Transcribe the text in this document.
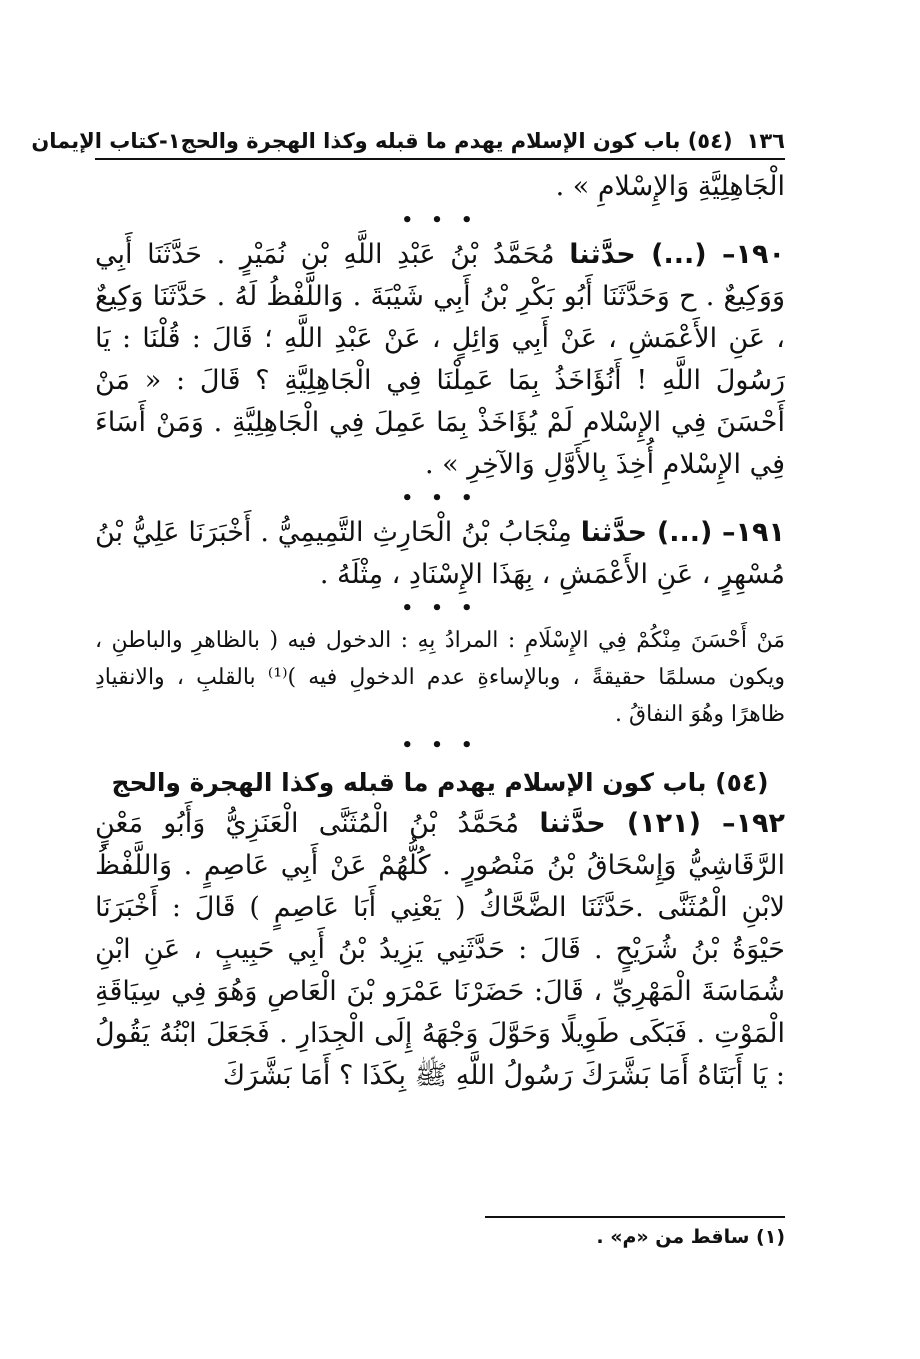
١٣٦
(٥٤) باب كون الإسلام يهدم ما قبله وكذا الهجرة والحج
١-كتاب الإيمان

الْجَاهِلِيَّةِ وَالإِسْلامِ » .

• • •

١٩٠– (...) حدَّثنا مُحَمَّدُ بْنُ عَبْدِ اللَّهِ بْنِ نُمَيْرٍ . حَدَّثَنَا أَبِي وَوَكِيعٌ . ح وَحَدَّثَنَا أَبُو بَكْرِ بْنُ أَبِي شَيْبَةَ . وَاللَّفْظُ لَهُ . حَدَّثَنَا وَكِيعٌ ، عَنِ الأَعْمَشِ ، عَنْ أَبِي وَائِلٍ ، عَنْ عَبْدِ اللَّهِ ؛ قَالَ : قُلْنَا : يَا رَسُولَ اللَّهِ ! أَنُؤَاخَذُ بِمَا عَمِلْنَا فِي الْجَاهِلِيَّةِ ؟ قَالَ : « مَنْ أَحْسَنَ فِي الإِسْلامِ لَمْ يُؤَاخَذْ بِمَا عَمِلَ فِي الْجَاهِلِيَّةِ . وَمَنْ أَسَاءَ فِي الإِسْلامِ أُخِذَ بِالأَوَّلِ وَالآخِرِ » .

• • •

١٩١– (...) حدَّثنا مِنْجَابُ بْنُ الْحَارِثِ التَّمِيمِيُّ . أَخْبَرَنَا عَلِيُّ بْنُ مُسْهِرٍ ، عَنِ الأَعْمَشِ ، بِهَذَا الإِسْنَادِ ، مِثْلَهُ .

• • •

مَنْ أَحْسَنَ مِنْكُمْ فِي الإِسْلَامِ : المرادُ بِهِ : الدخول فيه ( بالظاهرِ والباطنِ ، ويكون مسلمًا حقيقةً ، وبالإساءةِ عدم الدخولِ فيه )⁽¹⁾ بالقلبِ ، والانقيادِ ظاهرًا وهُوَ النفاقُ .

• • •
(٥٤) باب كون الإسلام يهدم ما قبله وكذا الهجرة والحج

١٩٢– (١٢١) حدَّثنا مُحَمَّدُ بْنُ الْمُثَنَّى الْعَنَزِيُّ وَأَبُو مَعْنٍ الرَّقَاشِيُّ وَإِسْحَاقُ بْنُ مَنْصُورٍ . كُلُّهُمْ عَنْ أَبِي عَاصِمٍ . وَاللَّفْظُ لابْنِ الْمُثَنَّى .حَدَّثَنَا الضَّحَّاكُ ( يَعْنِي أَبَا عَاصِمٍ ) قَالَ : أَخْبَرَنَا حَيْوَةُ بْنُ شُرَيْحٍ . قَالَ : حَدَّثَنِي يَزِيدُ بْنُ أَبِي حَبِيبٍ ، عَنِ ابْنِ شُمَاسَةَ الْمَهْرِيِّ ، قَالَ: حَضَرْنَا عَمْرَو بْنَ الْعَاصِ وَهُوَ فِي سِيَاقَةِ الْمَوْتِ . فَبَكَى طَوِيلًا وَحَوَّلَ وَجْهَهُ إِلَى الْجِدَارِ . فَجَعَلَ ابْنُهُ يَقُولُ : يَا أَبَتَاهُ أَمَا بَشَّرَكَ رَسُولُ اللَّهِ ﷺ بِكَذَا ؟ أَمَا بَشَّرَكَ

(١) ساقط من «م» .
